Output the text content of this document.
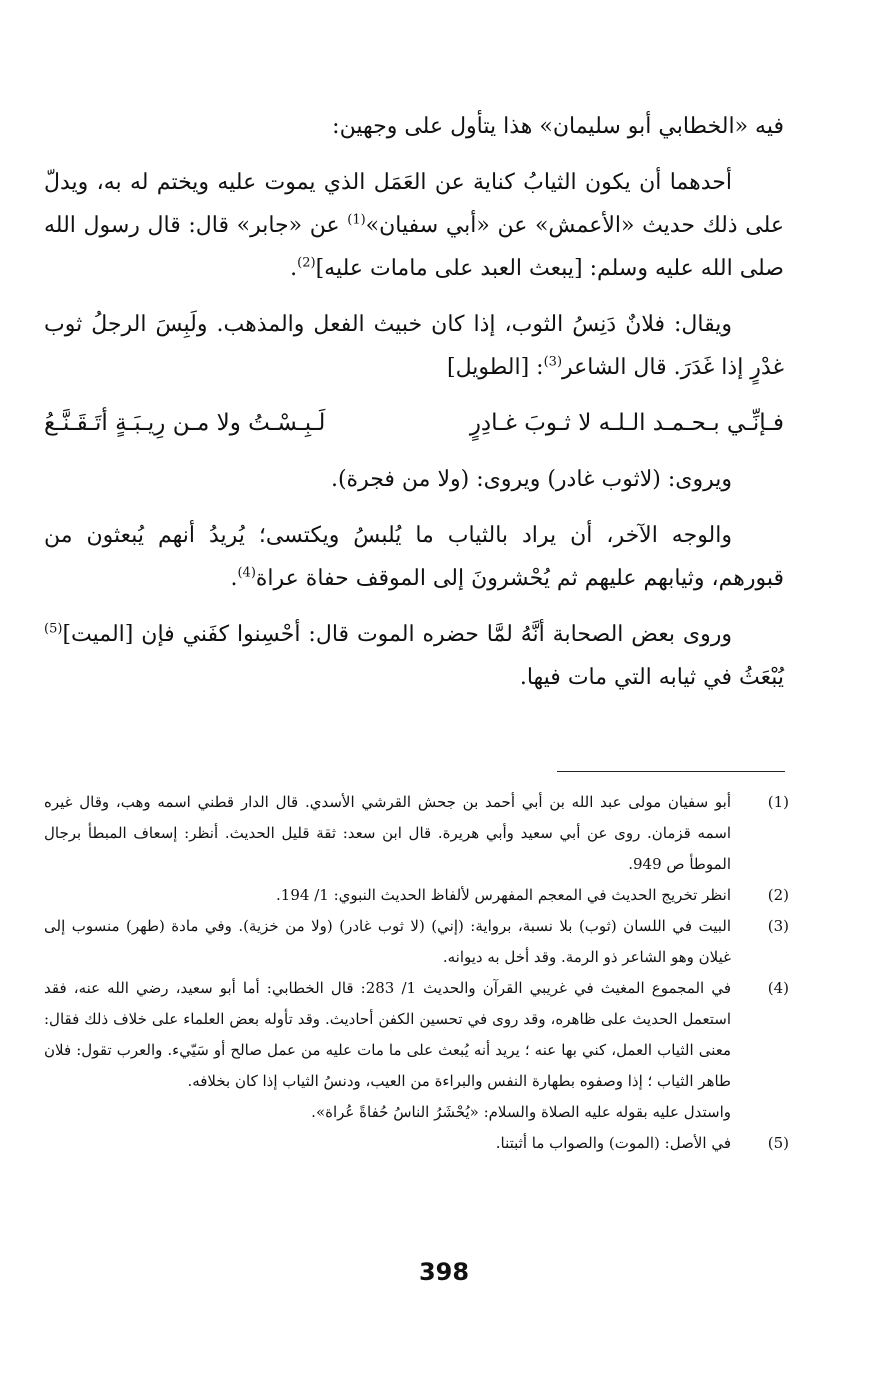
فيه «الخطابي أبو سليمان» هذا يتأول على وجهين:

أحدهما أن يكون الثيابُ كناية عن العَمَل الذي يموت عليه ويختم له به، ويدلّ على ذلك حديث «الأعمش» عن «أبي سفيان»$^{(1)}$ عن «جابر» قال: قال رسول الله صلى الله عليه وسلم: [يبعث العبد على مامات عليه]$^{(2)}$.

ويقال: فلانٌ دَنِسُ الثوب، إذا كان خبيث الفعل والمذهب. ولَبِسَ الرجلُ ثوب غدْرٍ إذا غَدَرَ. قال الشاعر$^{(3)}$: [الطويل]

فـإنِّـي بـحـمـد الـلـه لا ثـوبَ غـادِرٍ
لَـبِـسْـتُ ولا مـن رِيـبَـةٍ أتَـقَـنَّـعُ

ويروى: (لاثوب غادر) ويروى: (ولا من فجرة).

والوجه الآخر، أن يراد بالثياب ما يُلبسُ ويكتسى؛ يُريدُ أنهم يُبعثون من قبورهم، وثيابهم عليهم ثم يُحْشرونَ إلى الموقف حفاة عراة$^{(4)}$.

وروى بعض الصحابة أنَّهُ لمَّا حضره الموت قال: أحْسِنوا كفَني فإن [الميت]$^{(5)}$ يُبْعَثُ في ثيابه التي مات فيها.

(1)
أبو سفيان مولى عبد الله بن أبي أحمد بن جحش القرشي الأسدي. قال الدار قطني اسمه وهب، وقال غيره اسمه قزمان. روى عن أبي سعيد وأبي هريرة. قال ابن سعد: ثقة قليل الحديث. أنظر: إسعاف المبطأ برجال الموطأ ص 949.
(2)
انظر تخريج الحديث في المعجم المفهرس لألفاظ الحديث النبوي: 1/ 194.
(3)
البيت في اللسان (ثوب) بلا نسبة، برواية: (إني) (لا ثوب غادر) (ولا من خزية). وفي مادة (طهر) منسوب إلى غيلان وهو الشاعر ذو الرمة. وقد أخل به ديوانه.
(4)
في المجموع المغيث في غريبي القرآن والحديث 1/ 283: قال الخطابي: أما أبو سعيد، رضي الله عنه، فقد استعمل الحديث على ظاهره، وقد روى في تحسين الكفن أحاديث. وقد تأوله بعض العلماء على خلاف ذلك فقال: معنى الثياب العمل، كني بها عنه ؛ يريد أنه يُبعث على ما مات عليه من عمل صالح أو سَيّيء. والعرب تقول: فلان طاهر الثياب ؛ إذا وصفوه بطهارة النفس والبراءة من العيب، ودنسُ الثياب إذا كان بخلافه.
واستدل عليه بقوله عليه الصلاة والسلام: «يُحْشَرُ الناسُ حُفاةً عُراة».
(5)
في الأصل: (الموت) والصواب ما أثبتنا.
398
